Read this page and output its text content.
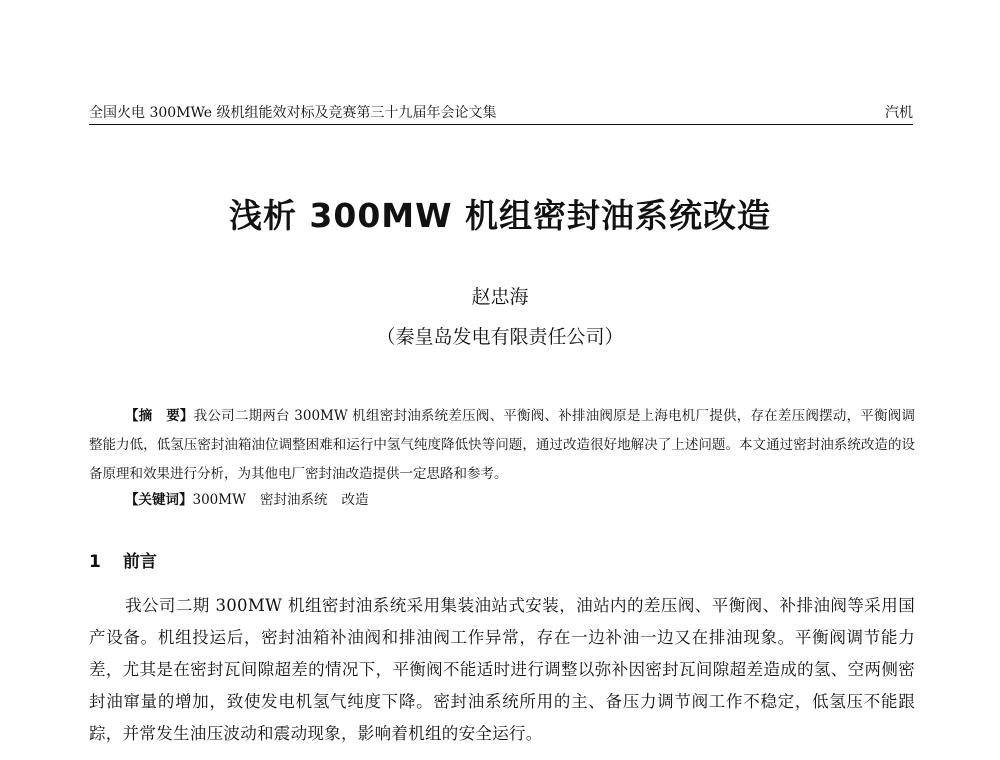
全国火电 300MWe 级机组能效对标及竞赛第三十九届年会论文集	汽机
浅析 300MW 机组密封油系统改造
赵忠海
（秦皇岛发电有限责任公司）
【摘　要】我公司二期两台 300MW 机组密封油系统差压阀、平衡阀、补排油阀原是上海电机厂提供，存在差压阀摆动，平衡阀调整能力低，低氢压密封油箱油位调整困难和运行中氢气纯度降低快等问题，通过改造很好地解决了上述问题。本文通过密封油系统改造的设备原理和效果进行分析，为其他电厂密封油改造提供一定思路和参考。
【关键词】300MW 密封油系统 改造
1 前言
我公司二期 300MW 机组密封油系统采用集装油站式安装，油站内的差压阀、平衡阀、补排油阀等采用国产设备。机组投运后，密封油箱补油阀和排油阀工作异常，存在一边补油一边又在排油现象。平衡阀调节能力差，尤其是在密封瓦间隙超差的情况下，平衡阀不能适时进行调整以弥补因密封瓦间隙超差造成的氢、空两侧密封油窜量的增加，致使发电机氢气纯度下降。密封油系统所用的主、备压力调节阀工作不稳定，低氢压不能跟踪，并常发生油压波动和震动现象，影响着机组的安全运行。
